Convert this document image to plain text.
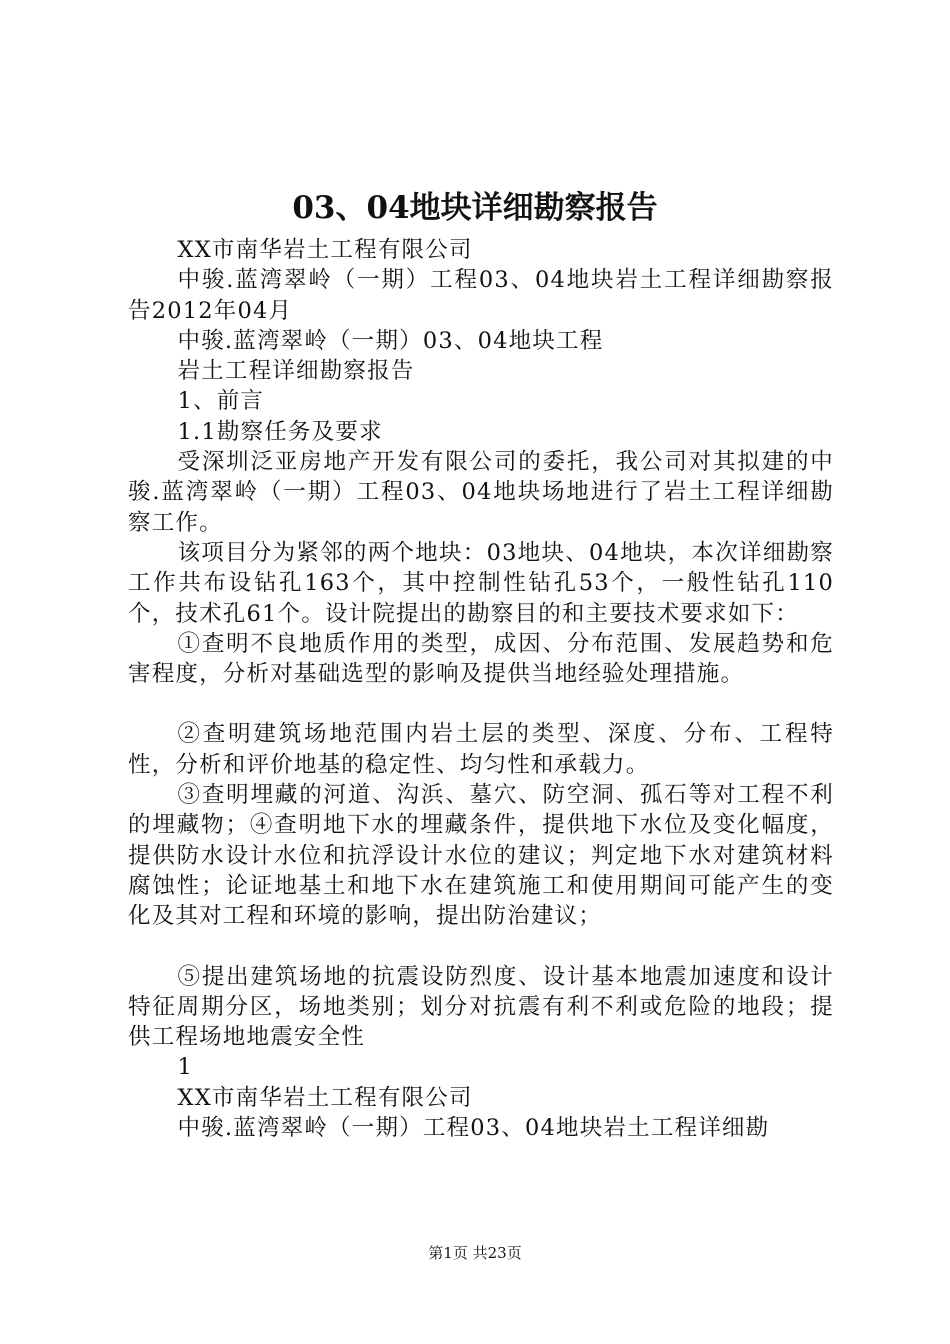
03、04地块详细勘察报告

XX市南华岩土工程有限公司

中骏.蓝湾翠岭（一期）工程03、04地块岩土工程详细勘察报告2012年04月

中骏.蓝湾翠岭（一期）03、04地块工程

岩土工程详细勘察报告

1、前言

1.1勘察任务及要求

受深圳泛亚房地产开发有限公司的委托，我公司对其拟建的中骏.蓝湾翠岭（一期）工程03、04地块场地进行了岩土工程详细勘察工作。

该项目分为紧邻的两个地块：03地块、04地块，本次详细勘察工作共布设钻孔163个，其中控制性钻孔53个，一般性钻孔110个，技术孔61个。设计院提出的勘察目的和主要技术要求如下：

①查明不良地质作用的类型，成因、分布范围、发展趋势和危害程度，分析对基础选型的影响及提供当地经验处理措施。

②查明建筑场地范围内岩土层的类型、深度、分布、工程特性，分析和评价地基的稳定性、均匀性和承载力。

③查明埋藏的河道、沟浜、墓穴、防空洞、孤石等对工程不利的埋藏物；④查明地下水的埋藏条件，提供地下水位及变化幅度，提供防水设计水位和抗浮设计水位的建议；判定地下水对建筑材料腐蚀性；论证地基土和地下水在建筑施工和使用期间可能产生的变化及其对工程和环境的影响，提出防治建议；

⑤提出建筑场地的抗震设防烈度、设计基本地震加速度和设计特征周期分区，场地类别；划分对抗震有利不利或危险的地段；提供工程场地地震安全性

1

XX市南华岩土工程有限公司

中骏.蓝湾翠岭（一期）工程03、04地块岩土工程详细勘

第1页 共23页
